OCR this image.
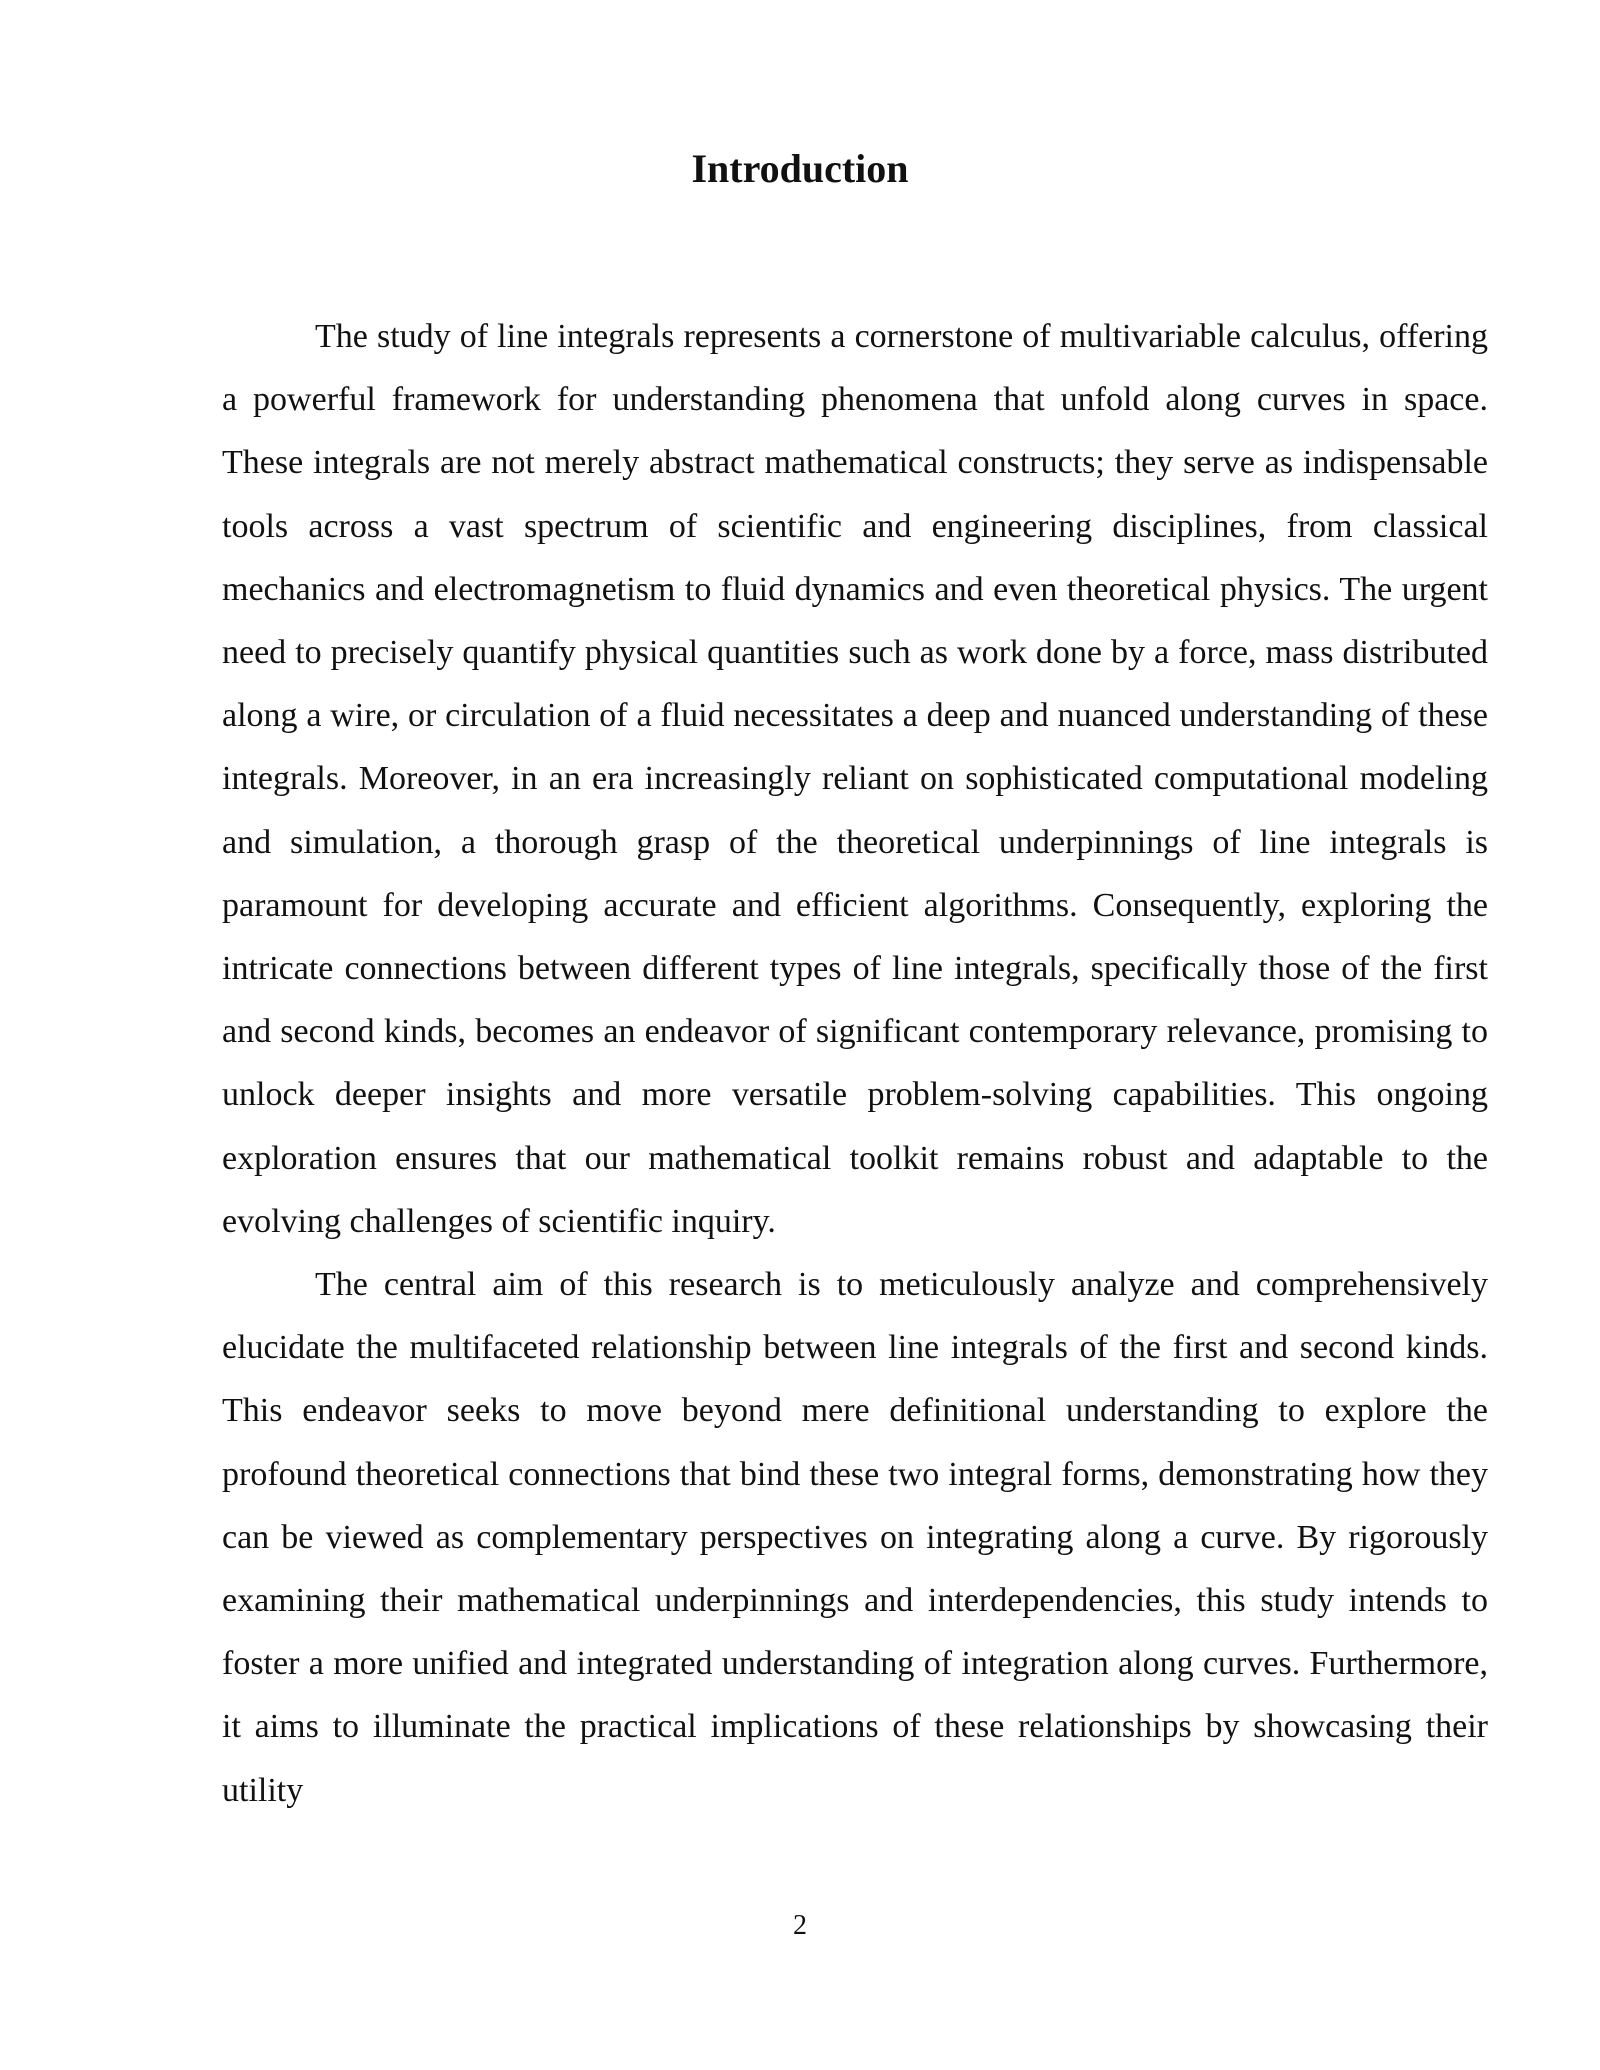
Introduction

The study of line integrals represents a cornerstone of multivariable calculus, offering a powerful framework for understanding phenomena that unfold along curves in space. These integrals are not merely abstract mathematical constructs; they serve as indispensable tools across a vast spectrum of scientific and engineering disciplines, from classical mechanics and electromagnetism to fluid dynamics and even theoretical physics. The urgent need to precisely quantify physical quantities such as work done by a force, mass distributed along a wire, or circulation of a fluid necessitates a deep and nuanced understanding of these integrals. Moreover, in an era increasingly reliant on sophisticated computational modeling and simulation, a thorough grasp of the theoretical underpinnings of line integrals is paramount for developing accurate and efficient algorithms. Consequently, exploring the intricate connections between different types of line integrals, specifically those of the first and second kinds, becomes an endeavor of significant contemporary relevance, promising to unlock deeper insights and more versatile problem-solving capabilities. This ongoing exploration ensures that our mathematical toolkit remains robust and adaptable to the evolving challenges of scientific inquiry.

The central aim of this research is to meticulously analyze and comprehensively elucidate the multifaceted relationship between line integrals of the first and second kinds. This endeavor seeks to move beyond mere definitional understanding to explore the profound theoretical connections that bind these two integral forms, demonstrating how they can be viewed as complementary perspectives on integrating along a curve. By rigorously examining their mathematical underpinnings and interdependencies, this study intends to foster a more unified and integrated understanding of integration along curves. Furthermore, it aims to illuminate the practical implications of these relationships by showcasing their utility

2
